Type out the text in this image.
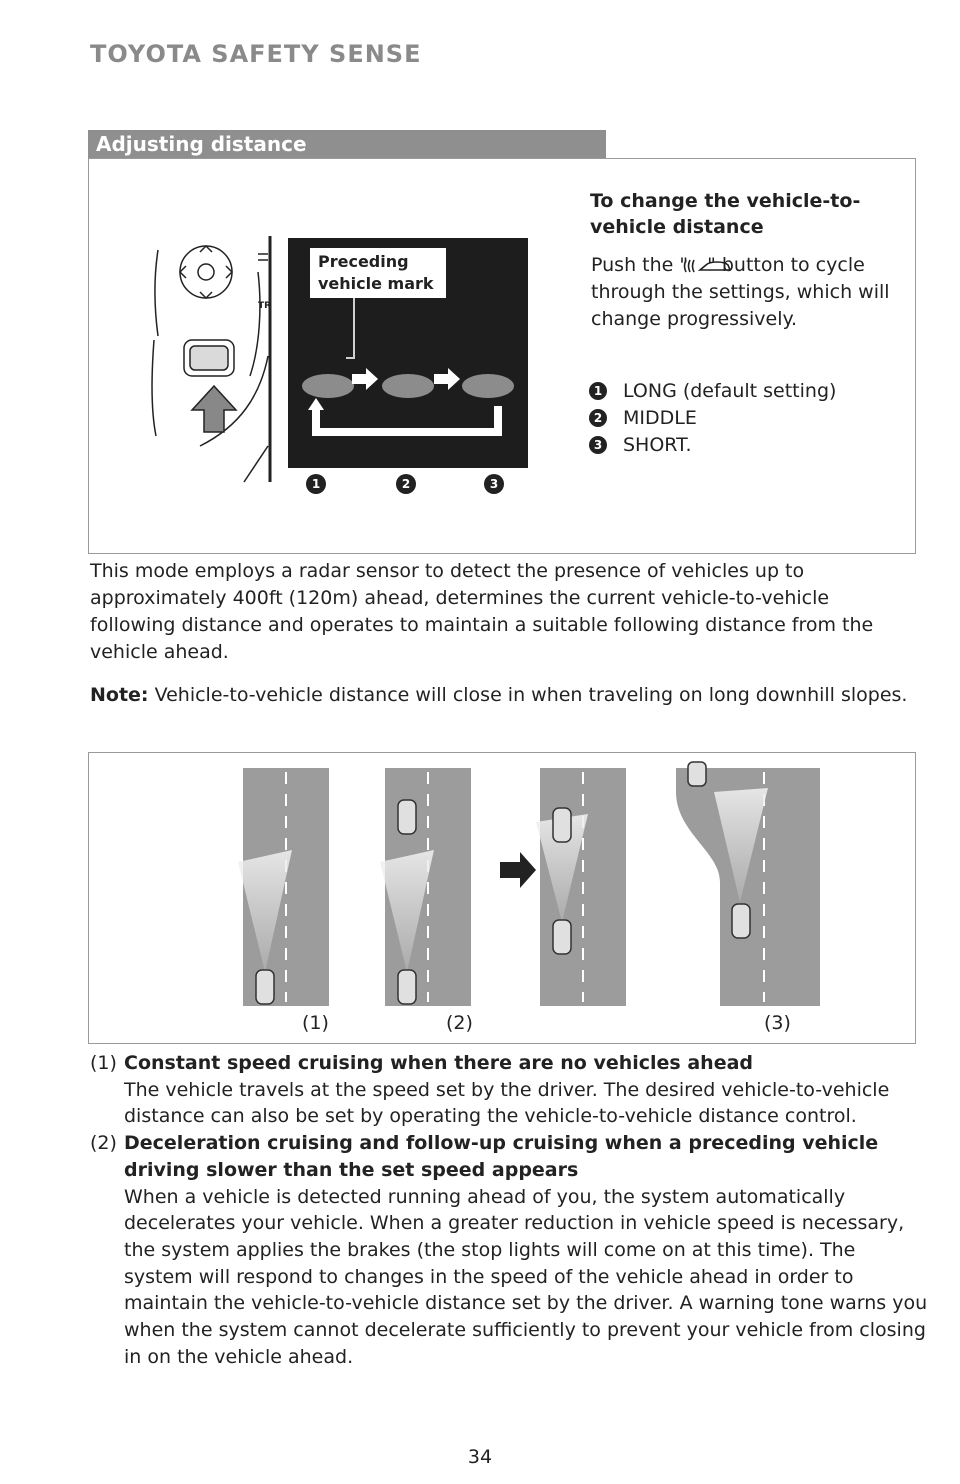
TOYOTA SAFETY SENSE
Adjusting distance
TR
Preceding
vehicle mark
1	2	3
To change the vehicle-to-vehicle distance
Push the "     " button to cycle through the settings, which will change progressively.
1 LONG (default setting)
2 MIDDLE
3 SHORT.
This mode employs a radar sensor to detect the presence of vehicles up to approximately 400ft (120m) ahead, determines the current vehicle-to-vehicle following distance and operates to maintain a suitable following distance from the vehicle ahead.
Note: Vehicle-to-vehicle distance will close in when traveling on long downhill slopes.
(1)	(2)	(3)
(1) Constant speed cruising when there are no vehicles ahead
The vehicle travels at the speed set by the driver. The desired vehicle-to-vehicle distance can also be set by operating the vehicle-to-vehicle distance control.
(2) Deceleration cruising and follow-up cruising when a preceding vehicle driving slower than the set speed appears
When a vehicle is detected running ahead of you, the system automatically decelerates your vehicle. When a greater reduction in vehicle speed is necessary, the system applies the brakes (the stop lights will come on at this time). The system will respond to changes in the speed of the vehicle ahead in order to maintain the vehicle-to-vehicle distance set by the driver. A warning tone warns you when the system cannot decelerate sufficiently to prevent your vehicle from closing in on the vehicle ahead.
34
